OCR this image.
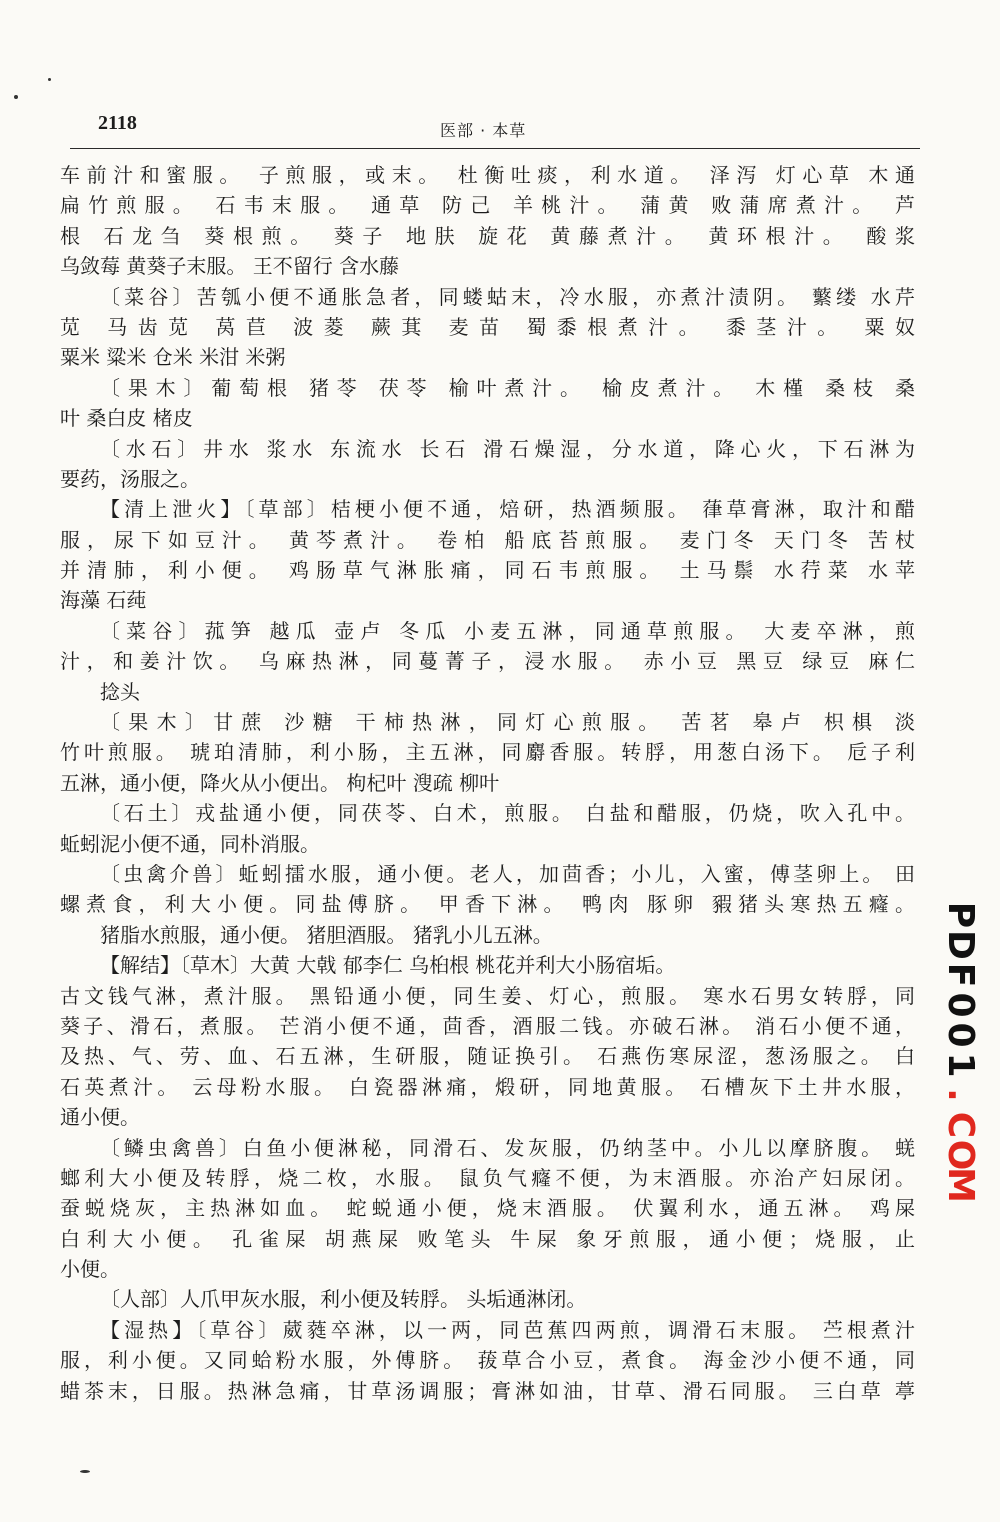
2118	医部 · 本草
车前汁和蜜服。 子煎服，或末。 杜衡吐痰，利水道。 泽泻 灯心草 木通
扁竹煎服。 石韦末服。 通草 防己 羊桃汁。 蒲黄 败蒲席煮汁。 芦
根 石龙刍 葵根煎。 葵子 地肤 旋花 黄藤煮汁。 黄环根汁。 酸浆
乌敛莓 黄葵子末服。 王不留行 含水藤
〔菜谷〕苦瓠小便不通胀急者，同蝼蛄末，冷水服，亦煮汁渍阴。 蘩缕 水芹
苋 马齿苋 莴苣 波菱 蕨萁 麦苗 蜀黍根煮汁。 黍茎汁。 粟奴
粟米 粱米 仓米 米泔 米粥
〔果木〕葡萄根 猪苓 茯苓 榆叶煮汁。 榆皮煮汁。 木槿 桑枝 桑
叶 桑白皮 楮皮
〔水石〕井水 浆水 东流水 长石 滑石燥湿，分水道，降心火，下石淋为
要药，汤服之。
【清上泄火】〔草部〕桔梗小便不通，焙研，热酒频服。 葎草膏淋，取汁和醋
服，尿下如豆汁。 黄芩煮汁。 卷柏 船底苔煎服。 麦门冬 天门冬 苦杖
并清肺，利小便。 鸡肠草气淋胀痛，同石韦煎服。 土马鬃 水荇菜 水苹
海藻 石莼
〔菜谷〕菰笋 越瓜 壶卢 冬瓜 小麦五淋，同通草煎服。 大麦卒淋，煎
汁，和姜汁饮。 乌麻热淋，同蔓菁子，浸水服。 赤小豆 黑豆 绿豆 麻仁
捻头
〔果木〕甘蔗 沙糖 干柿热淋，同灯心煎服。 苦茗 皋卢 枳椇 淡
竹叶煎服。 琥珀清肺，利小肠，主五淋，同麝香服。转脬，用葱白汤下。 卮子利
五淋，通小便，降火从小便出。 枸杞叶 溲疏 柳叶
〔石土〕戎盐通小便，同茯苓、白术，煎服。 白盐和醋服，仍烧，吹入孔中。
蚯蚓泥小便不通，同朴消服。
〔虫禽介兽〕蚯蚓擂水服，通小便。老人，加茴香；小儿，入蜜，傅茎卵上。 田
螺煮食，利大小便。同盐傅脐。 甲香下淋。 鸭肉 豚卵 豭猪头寒热五癃。
猪脂水煎服，通小便。 猪胆酒服。 猪乳小儿五淋。
【解结】〔草木〕大黄 大戟 郁李仁 乌桕根 桃花并利大小肠宿垢。
古文钱气淋，煮汁服。 黑铅通小便，同生姜、灯心，煎服。 寒水石男女转脬，同
葵子、滑石，煮服。 芒消小便不通，茴香，酒服二钱。亦破石淋。 消石小便不通，
及热、气、劳、血、石五淋，生研服，随证换引。 石燕伤寒尿涩，葱汤服之。 白
石英煮汁。 云母粉水服。 白瓷器淋痛，煅研，同地黄服。 石槽灰下土井水服，
通小便。
〔鳞虫禽兽〕白鱼小便淋秘，同滑石、发灰服，仍纳茎中。小儿以摩脐腹。 蜣
螂利大小便及转脬，烧二枚，水服。 鼠负气癃不便，为末酒服。亦治产妇尿闭。
蚕蜕烧灰，主热淋如血。 蛇蜕通小便，烧末酒服。 伏翼利水，通五淋。 鸡屎
白利大小便。 孔雀屎 胡燕屎 败笔头 牛屎 象牙煎服，通小便；烧服，止
小便。
〔人部〕人爪甲灰水服，利小便及转脬。 头垢通淋闭。
【湿热】〔草谷〕葳蕤卒淋，以一两，同芭蕉四两煎，调滑石末服。 苎根煮汁
服，利小便。又同蛤粉水服，外傅脐。 菝草合小豆，煮食。 海金沙小便不通，同
蜡茶末，日服。热淋急痛，甘草汤调服；膏淋如油，甘草、滑石同服。 三白草 葶
P
D
F
0
0
1
.
C
O
M
